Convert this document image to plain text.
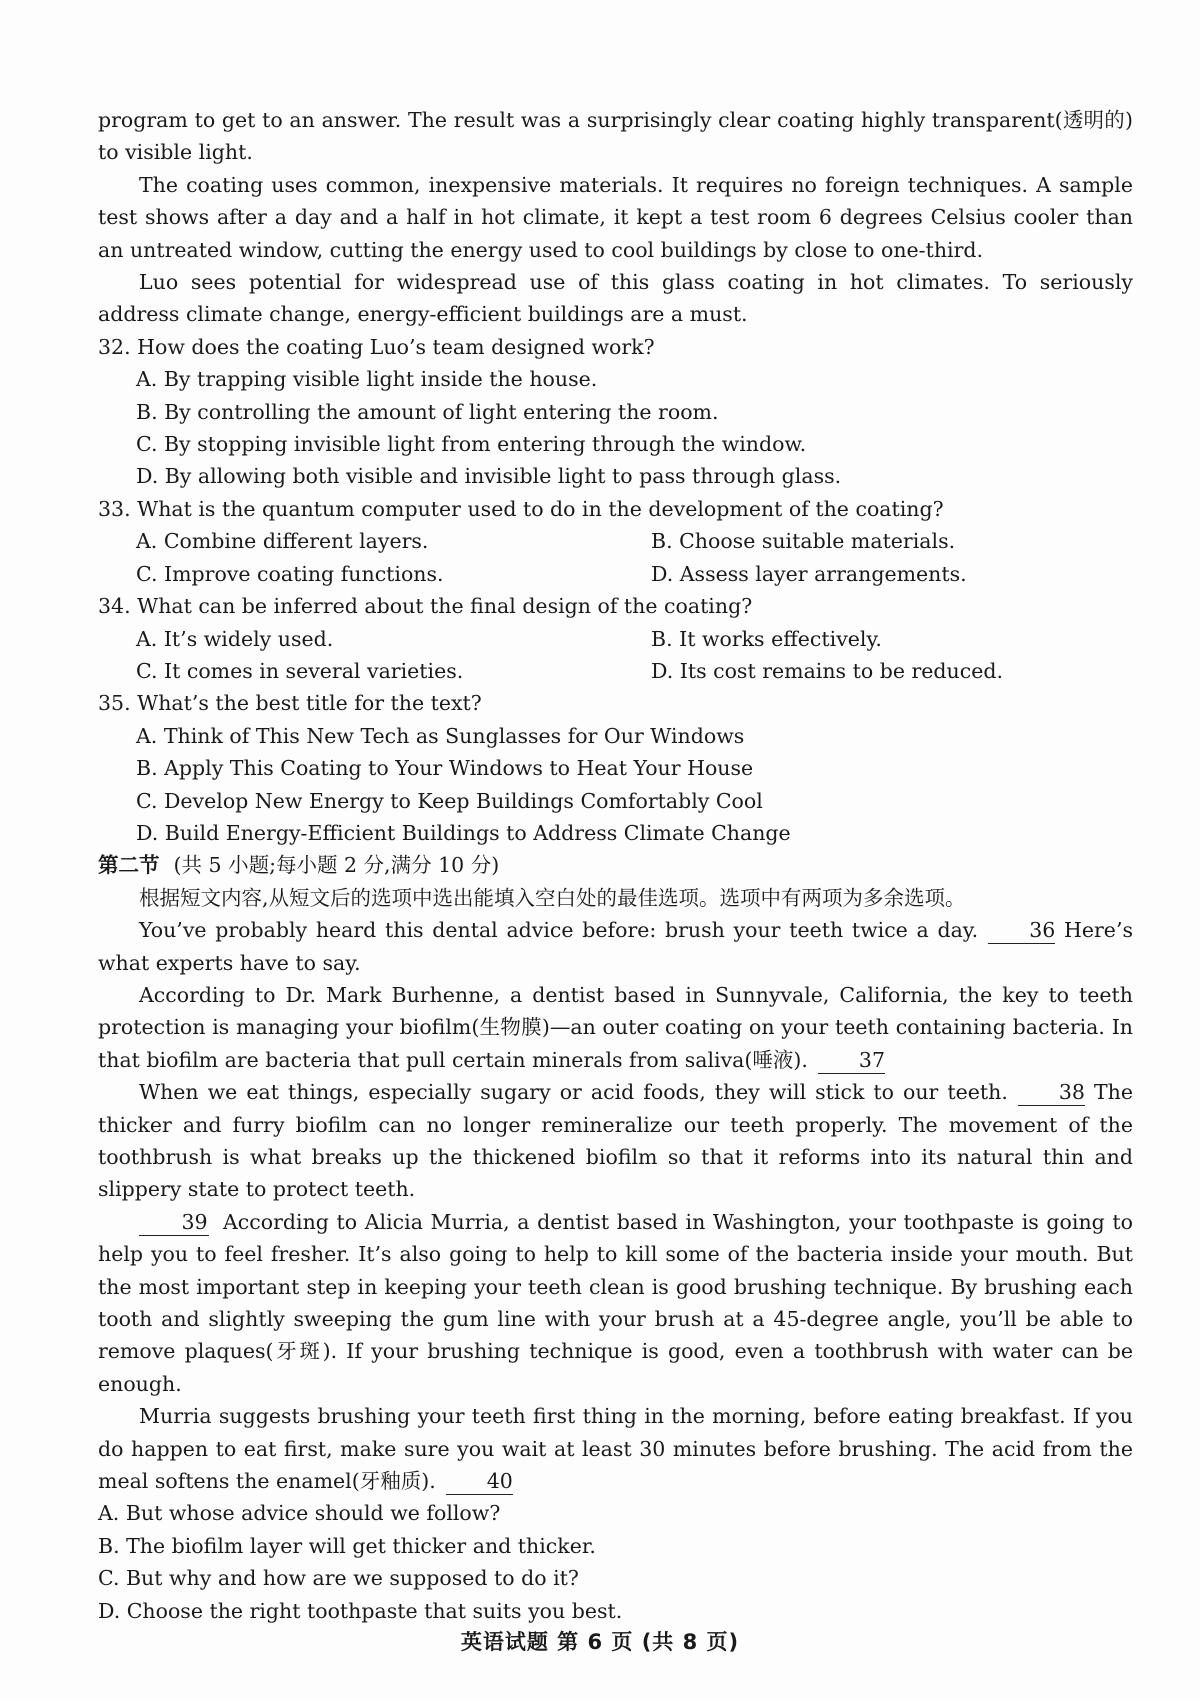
program to get to an answer. The result was a surprisingly clear coating highly transparent(透明的) to visible light.

The coating uses common, inexpensive materials. It requires no foreign techniques. A sample test shows after a day and a half in hot climate, it kept a test room 6 degrees Celsius cooler than an untreated window, cutting the energy used to cool buildings by close to one-third.

Luo sees potential for widespread use of this glass coating in hot climates. To seriously address climate change, energy-efficient buildings are a must.

32. How does the coating Luo’s team designed work?

A. By trapping visible light inside the house.

B. By controlling the amount of light entering the room.

C. By stopping invisible light from entering through the window.

D. By allowing both visible and invisible light to pass through glass.

33. What is the quantum computer used to do in the development of the coating?

A. Combine different layers.	B. Choose suitable materials.
C. Improve coating functions.	D. Assess layer arrangements.

34. What can be inferred about the final design of the coating?

A. It’s widely used.	B. It works effectively.
C. It comes in several varieties.	D. Its cost remains to be reduced.

35. What’s the best title for the text?

A. Think of This New Tech as Sunglasses for Our Windows

B. Apply This Coating to Your Windows to Heat Your House

C. Develop New Energy to Keep Buildings Comfortably Cool

D. Build Energy-Efficient Buildings to Address Climate Change

第二节 (共 5 小题;每小题 2 分,满分 10 分)

根据短文内容,从短文后的选项中选出能填入空白处的最佳选项。选项中有两项为多余选项。

You’ve probably heard this dental advice before: brush your teeth twice a day. 36 Here’s what experts have to say.

According to Dr. Mark Burhenne, a dentist based in Sunnyvale, California, the key to teeth protection is managing your biofilm(生物膜)—an outer coating on your teeth containing bacteria. In that biofilm are bacteria that pull certain minerals from saliva(唾液). 37

When we eat things, especially sugary or acid foods, they will stick to our teeth. 38 The thicker and furry biofilm can no longer remineralize our teeth properly. The movement of the toothbrush is what breaks up the thickened biofilm so that it reforms into its natural thin and slippery state to protect teeth.

39 According to Alicia Murria, a dentist based in Washington, your toothpaste is going to help you to feel fresher. It’s also going to help to kill some of the bacteria inside your mouth. But the most important step in keeping your teeth clean is good brushing technique. By brushing each tooth and slightly sweeping the gum line with your brush at a 45-degree angle, you’ll be able to remove plaques(牙斑). If your brushing technique is good, even a toothbrush with water can be enough.

Murria suggests brushing your teeth first thing in the morning, before eating breakfast. If you do happen to eat first, make sure you wait at least 30 minutes before brushing. The acid from the meal softens the enamel(牙釉质). 40

A. But whose advice should we follow?

B. The biofilm layer will get thicker and thicker.

C. But why and how are we supposed to do it?

D. Choose the right toothpaste that suits you best.

英语试题 第 6 页 (共 8 页)
